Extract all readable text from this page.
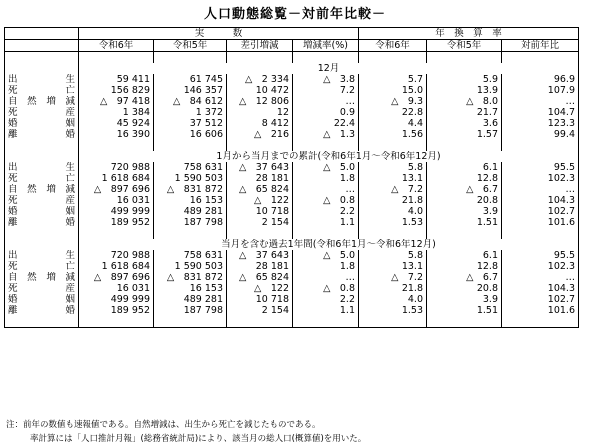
人口動態総覧－対前年比較－
	実　　　数				年　換　算　率		
	令和6年	令和5年	差引増減	増減率(%)	令和6年	令和5年	対前年比

	12月						

出 生	59 411	61 745	△　2 334	△　3.8	5.7	5.9	96.9

死 亡	156 829	146 357	10 472	7.2	15.0	13.9	107.9

自 然 増 減	△　97 418	△　84 612	△　12 806	…	△　9.3	△　8.0	…

死 産	1 384	1 372	12	0.9	22.8	21.7	104.7

婚 姻	45 924	37 512	8 412	22.4	4.4	3.6	123.3

離 婚	16 390	16 606	△　216	△　1.3	1.56	1.57	99.4

	1月から当月までの累計(令和6年1月～令和6年12月)						

出 生	720 988	758 631	△　37 643	△　5.0	5.8	6.1	95.5

死 亡	1 618 684	1 590 503	28 181	1.8	13.1	12.8	102.3

自 然 増 減	△　897 696	△　831 872	△　65 824	…	△　7.2	△　6.7	…

死 産	16 031	16 153	△　122	△　0.8	21.8	20.8	104.3

婚 姻	499 999	489 281	10 718	2.2	4.0	3.9	102.7

離 婚	189 952	187 798	2 154	1.1	1.53	1.51	101.6

	当月を含む過去1年間(令和6年1月～令和6年12月)						

出 生	720 988	758 631	△　37 643	△　5.0	5.8	6.1	95.5

死 亡	1 618 684	1 590 503	28 181	1.8	13.1	12.8	102.3

自 然 増 減	△　897 696	△　831 872	△　65 824	…	△　7.2	△　6.7	…

死 産	16 031	16 153	△　122	△　0.8	21.8	20.8	104.3

婚 姻	499 999	489 281	10 718	2.2	4.0	3.9	102.7

離 婚	189 952	187 798	2 154	1.1	1.53	1.51	101.6

注：前年の数値も速報値である。自然増減は、出生から死亡を減じたものである。
率計算には「人口推計月報」(総務省統計局)により、該当月の総人口(概算値)を用いた。
